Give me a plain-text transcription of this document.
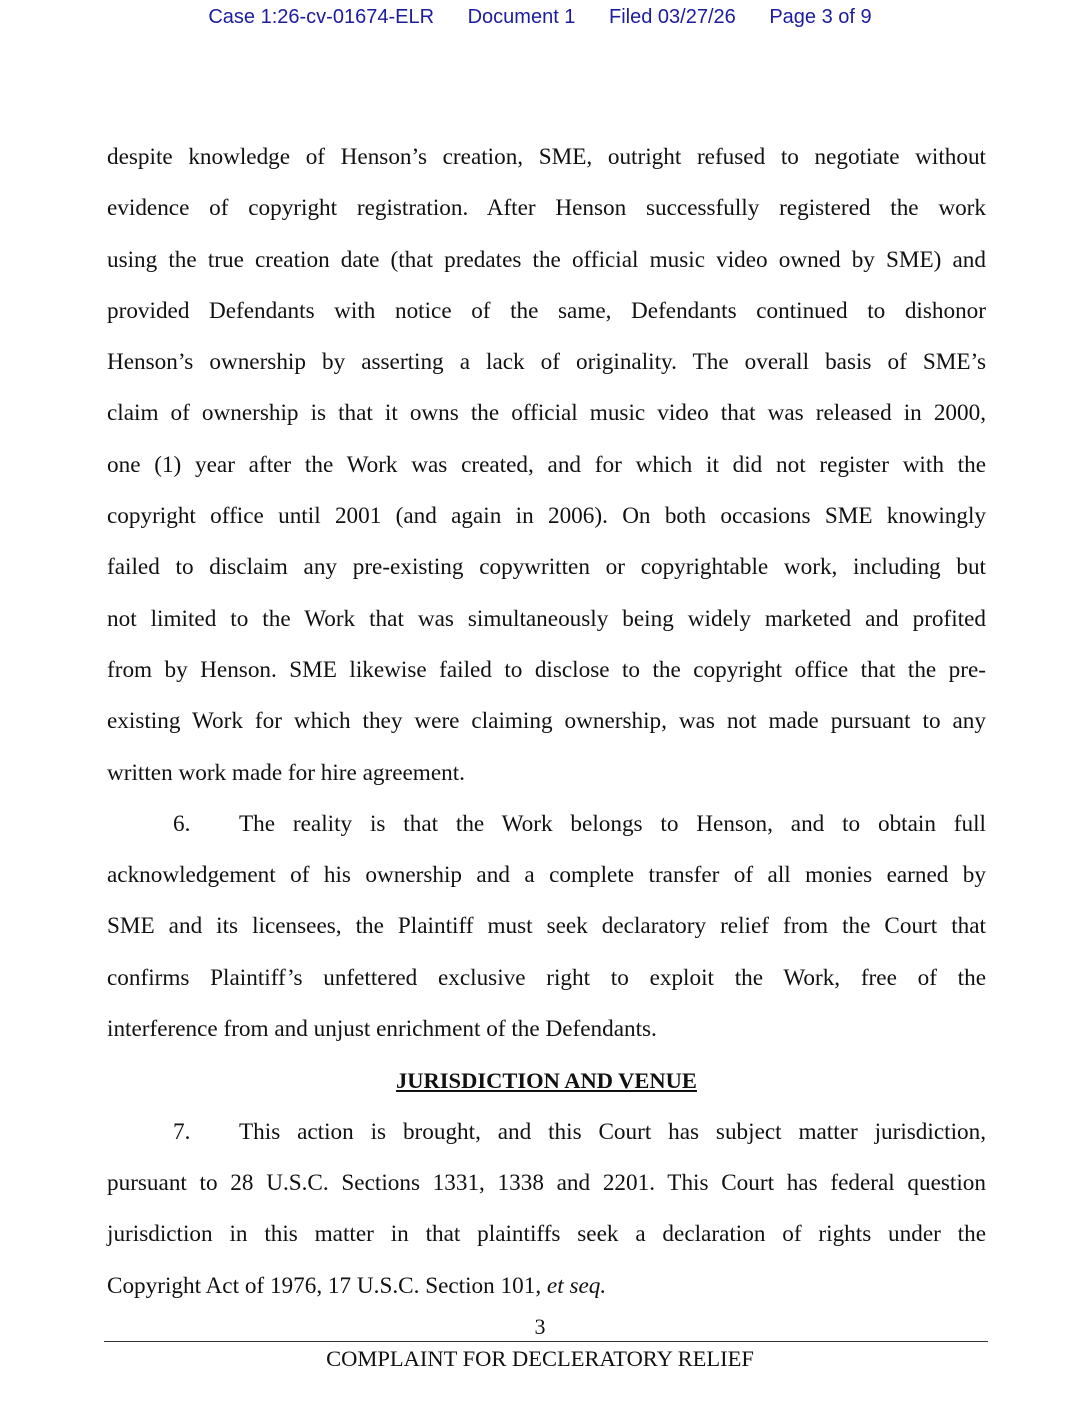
Case 1:26-cv-01674-ELR Document 1 Filed 03/27/26 Page 3 of 9
despite knowledge of Henson’s creation, SME, outright refused to negotiate without
evidence of copyright registration. After Henson successfully registered the work
using the true creation date (that predates the official music video owned by SME) and
provided Defendants with notice of the same, Defendants continued to dishonor
Henson’s ownership by asserting a lack of originality. The overall basis of SME’s
claim of ownership is that it owns the official music video that was released in 2000,
one (1) year after the Work was created, and for which it did not register with the
copyright office until 2001 (and again in 2006). On both occasions SME knowingly
failed to disclaim any pre-existing copywritten or copyrightable work, including but
not limited to the Work that was simultaneously being widely marketed and profited
from by Henson. SME likewise failed to disclose to the copyright office that the pre-
existing Work for which they were claiming ownership, was not made pursuant to any
written work made for hire agreement.
6. The reality is that the Work belongs to Henson, and to obtain full
acknowledgement of his ownership and a complete transfer of all monies earned by
SME and its licensees, the Plaintiff must seek declaratory relief from the Court that
confirms Plaintiff’s unfettered exclusive right to exploit the Work, free of the
interference from and unjust enrichment of the Defendants.
JURISDICTION AND VENUE
7. This action is brought, and this Court has subject matter jurisdiction,
pursuant to 28 U.S.C. Sections 1331, 1338 and 2201. This Court has federal question
jurisdiction in this matter in that plaintiffs seek a declaration of rights under the
Copyright Act of 1976, 17 U.S.C. Section 101, et seq.
3
COMPLAINT FOR DECLERATORY RELIEF
